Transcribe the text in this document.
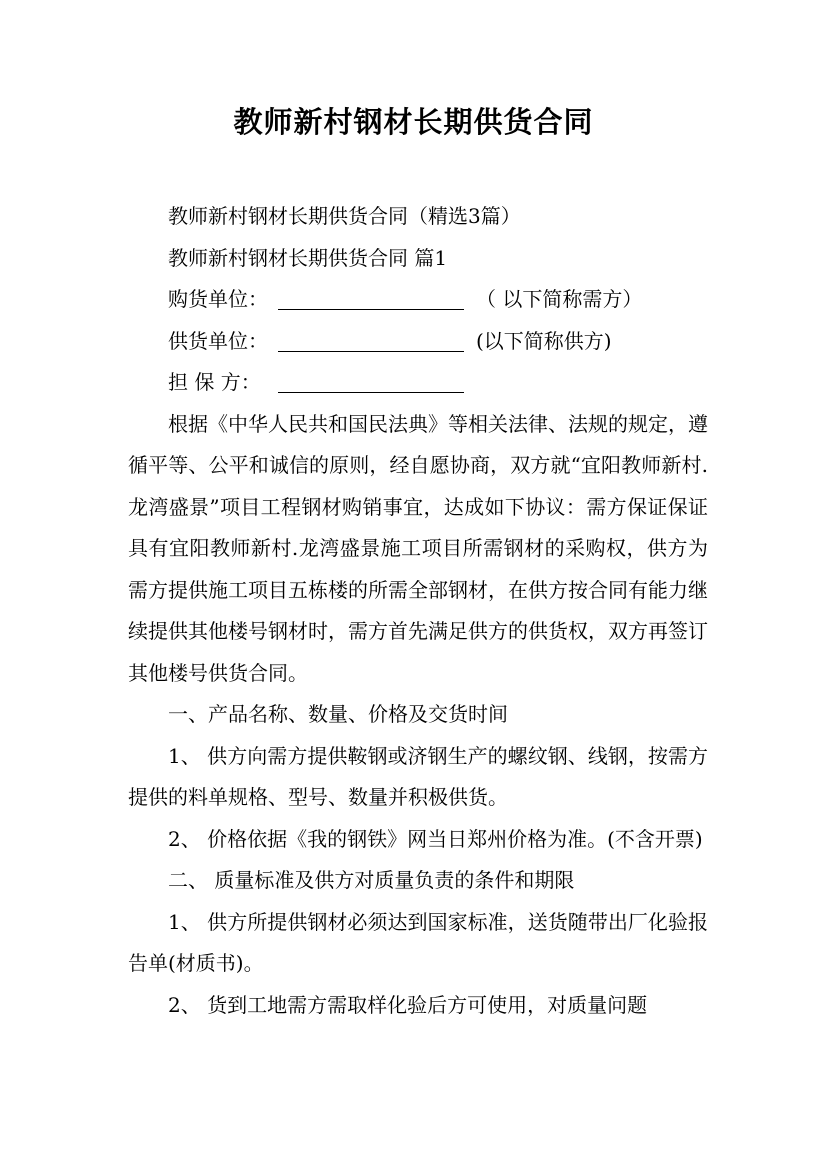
教师新村钢材长期供货合同

教师新村钢材长期供货合同（精选3篇）

教师新村钢材长期供货合同 篇1

购货单位：	（ 以下简称需方）

供货单位：	(以下简称供方)

担 保 方：

根据《中华人民共和国民法典》等相关法律、法规的规定，遵循平等、公平和诚信的原则，经自愿协商，双方就“宜阳教师新村.龙湾盛景”项目工程钢材购销事宜，达成如下协议：需方保证保证具有宜阳教师新村.龙湾盛景施工项目所需钢材的采购权，供方为需方提供施工项目五栋楼的所需全部钢材，在供方按合同有能力继续提供其他楼号钢材时，需方首先满足供方的供货权，双方再签订其他楼号供货合同。

一、产品名称、数量、价格及交货时间

1、 供方向需方提供鞍钢或济钢生产的螺纹钢、线钢，按需方提供的料单规格、型号、数量并积极供货。

2、 价格依据《我的钢铁》网当日郑州价格为准。(不含开票)

二、 质量标准及供方对质量负责的条件和期限

1、 供方所提供钢材必须达到国家标准，送货随带出厂化验报告单(材质书)。

2、 货到工地需方需取样化验后方可使用，对质量问题
